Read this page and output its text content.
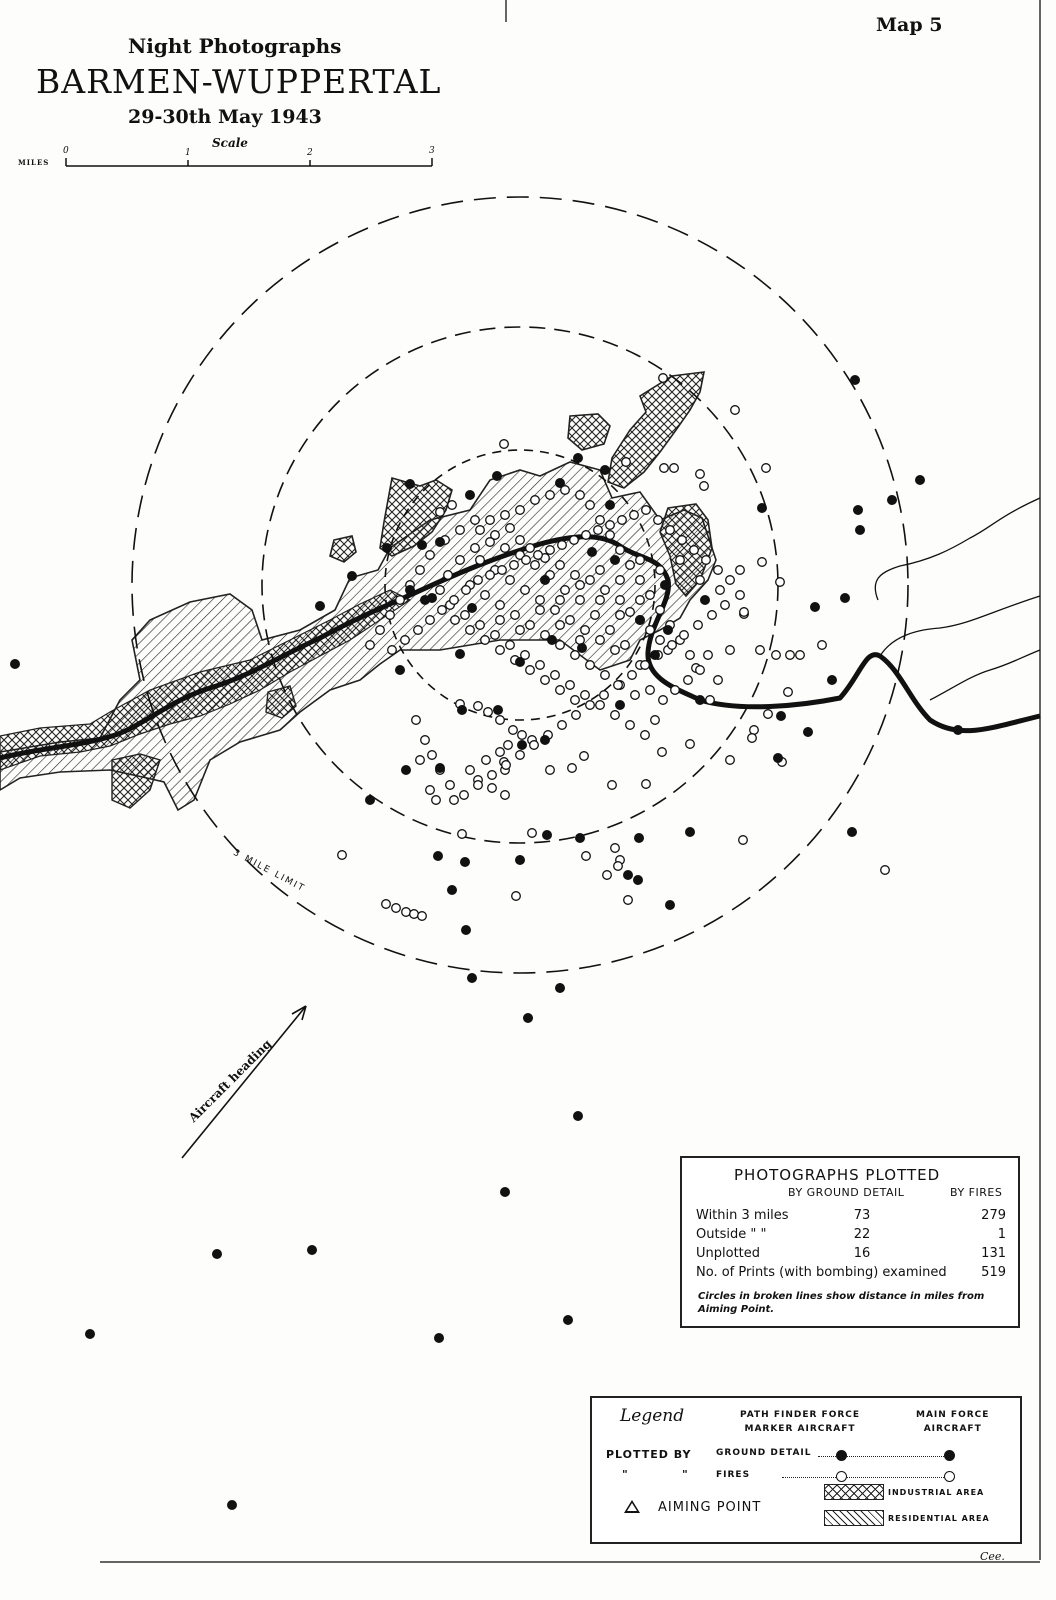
Map 5
Night Photographs
BARMEN-WUPPERTAL
29-30th May 1943
Scale
MILES
0	1	2	3
3 MILE LIMIT
Aircraft heading
Cee.
PHOTOGRAPHS PLOTTED
BY GROUND DETAIL	BY FIRES
Within 3 miles	73	279
Outside " "	22	1
Unplotted	16	131
No. of Prints (with bombing) examined	519
Circles in broken lines show distance in miles from Aiming Point.
Legend	PATH FINDER FORCE
MARKER AIRCRAFT
MAIN FORCE
AIRCRAFT
PLOTTED BY	GROUND DETAIL
"	"	FIRES
AIMING POINT
INDUSTRIAL AREA
RESIDENTIAL AREA
